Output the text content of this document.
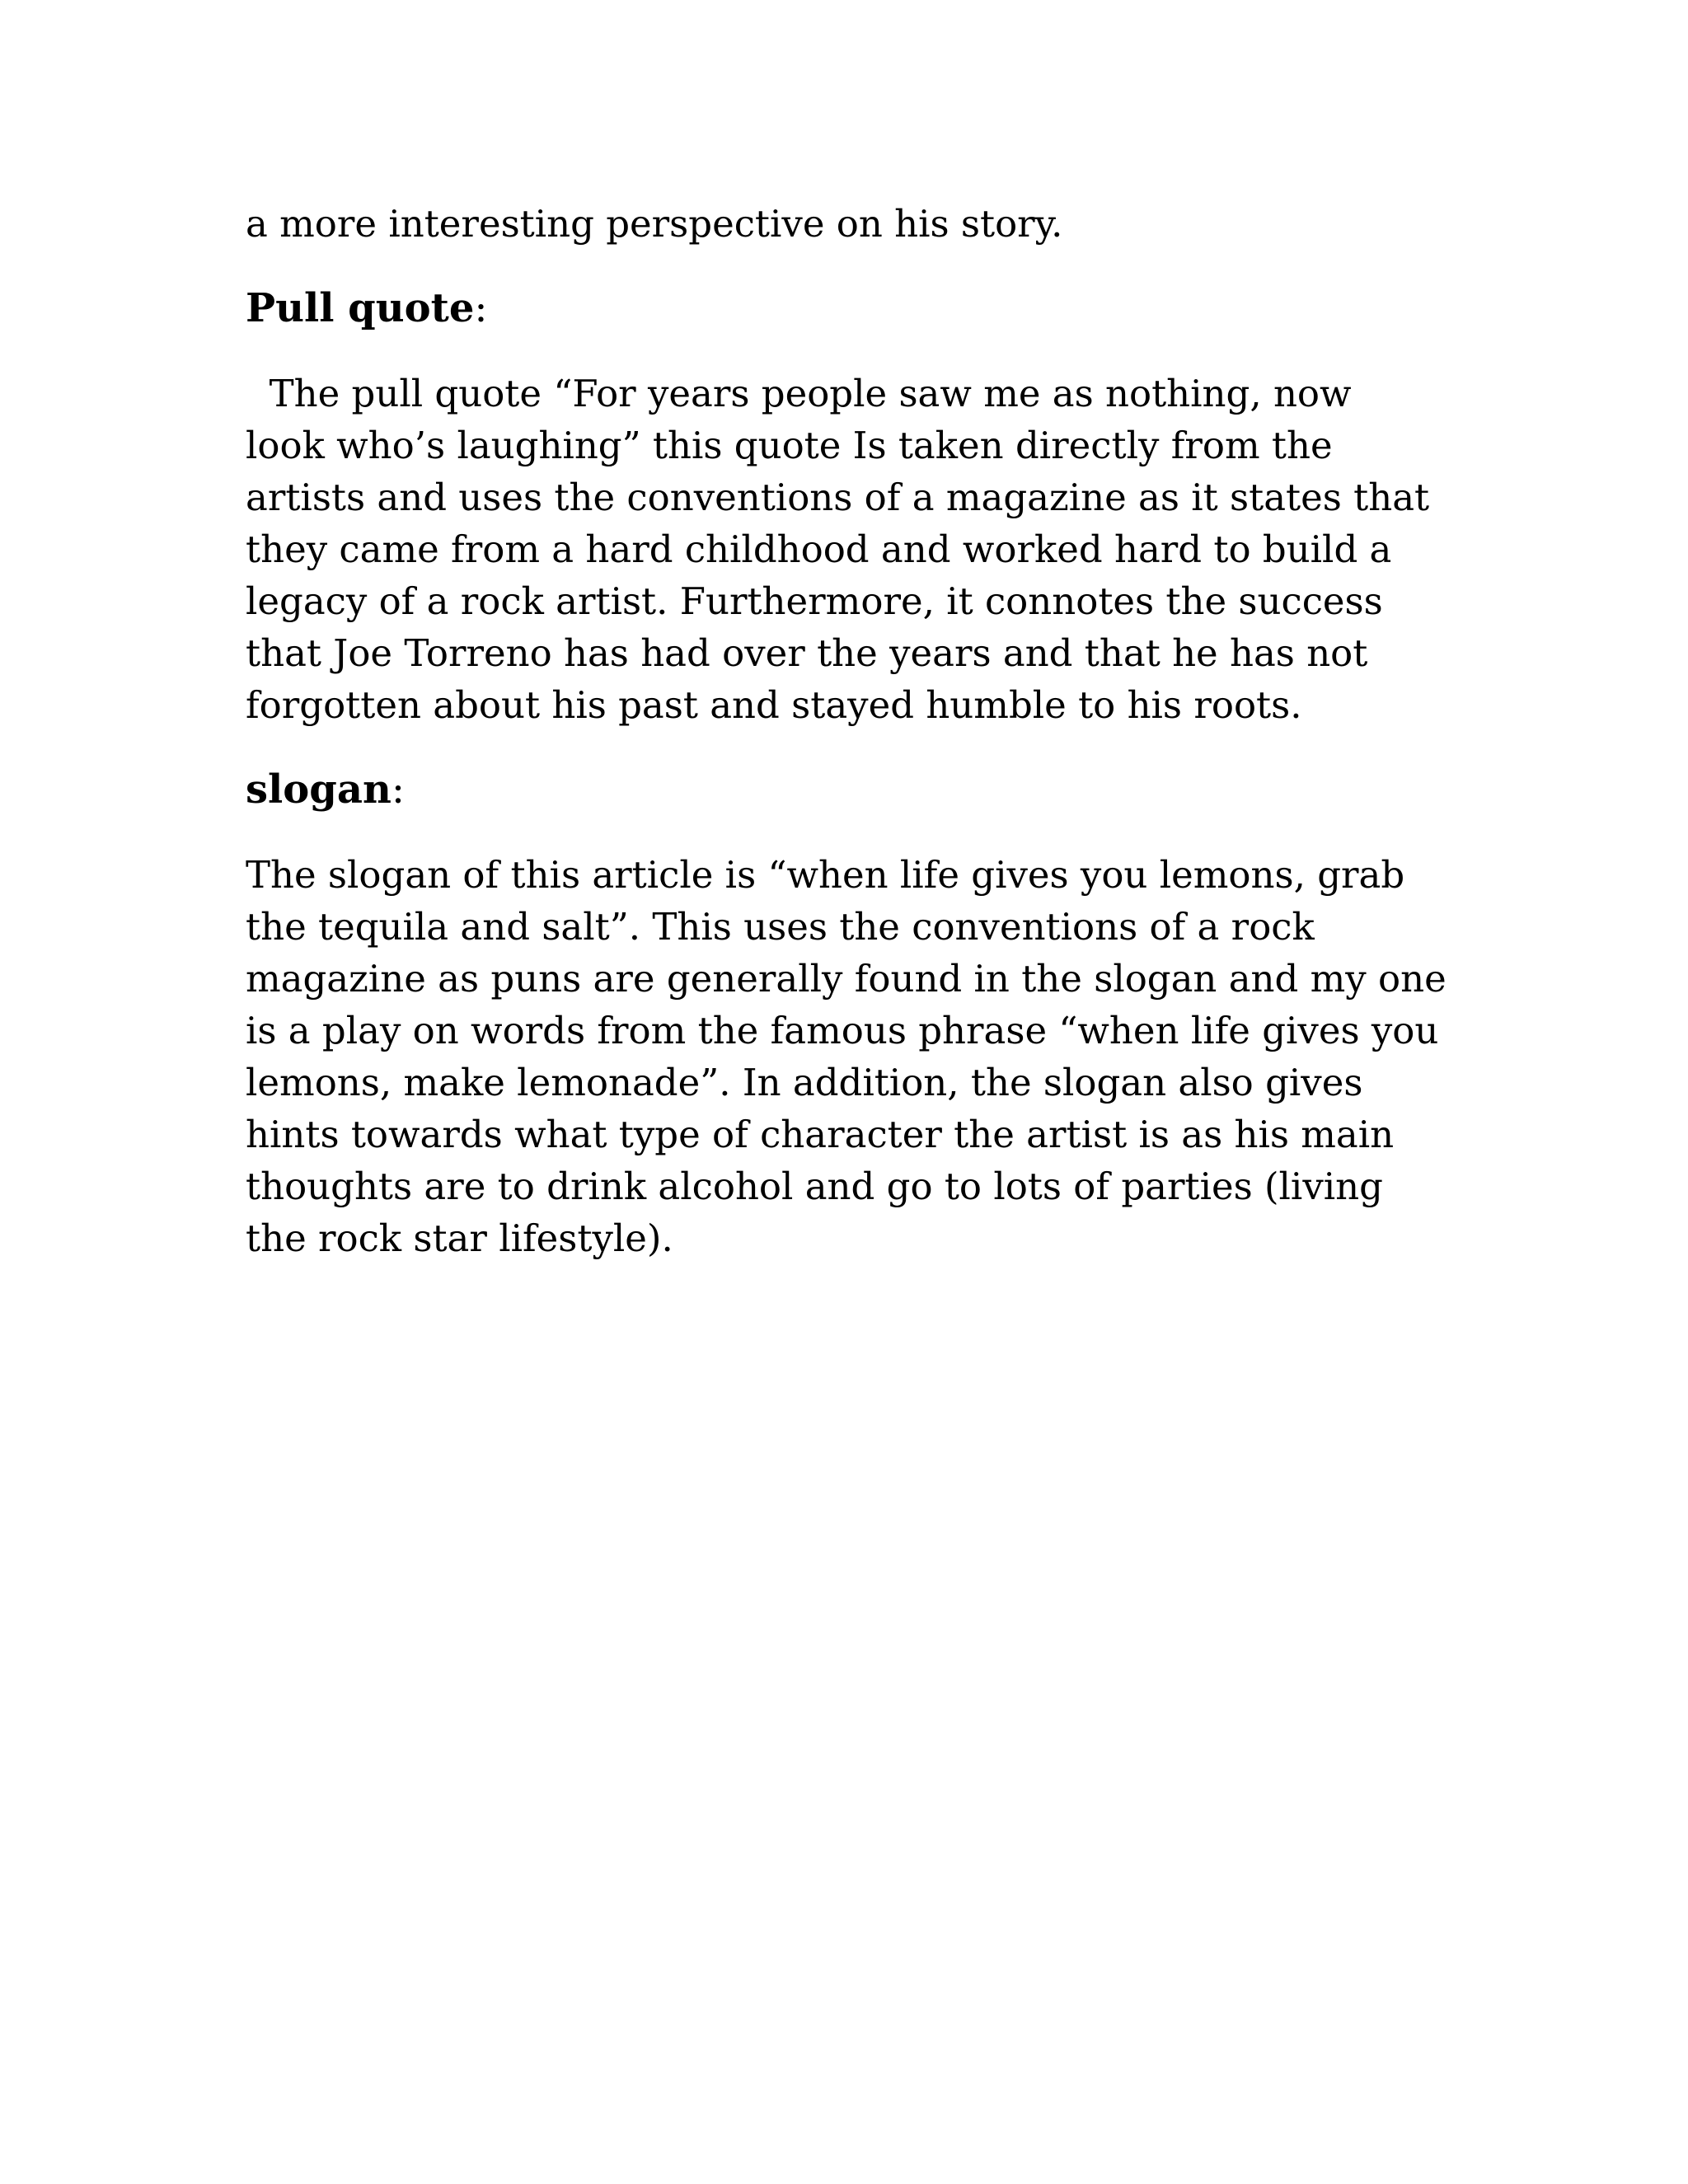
a more interesting perspective on his story.

Pull quote:

The pull quote “For years people saw me as nothing, now
look who’s laughing” this quote Is taken directly from the
artists and uses the conventions of a magazine as it states that
they came from a hard childhood and worked hard to build a
legacy of a rock artist. Furthermore, it connotes the success
that Joe Torreno has had over the years and that he has not
forgotten about his past and stayed humble to his roots.

slogan:

The slogan of this article is “when life gives you lemons, grab
the tequila and salt”. This uses the conventions of a rock
magazine as puns are generally found in the slogan and my one
is a play on words from the famous phrase “when life gives you
lemons, make lemonade”. In addition, the slogan also gives
hints towards what type of character the artist is as his main
thoughts are to drink alcohol and go to lots of parties (living
the rock star lifestyle).
